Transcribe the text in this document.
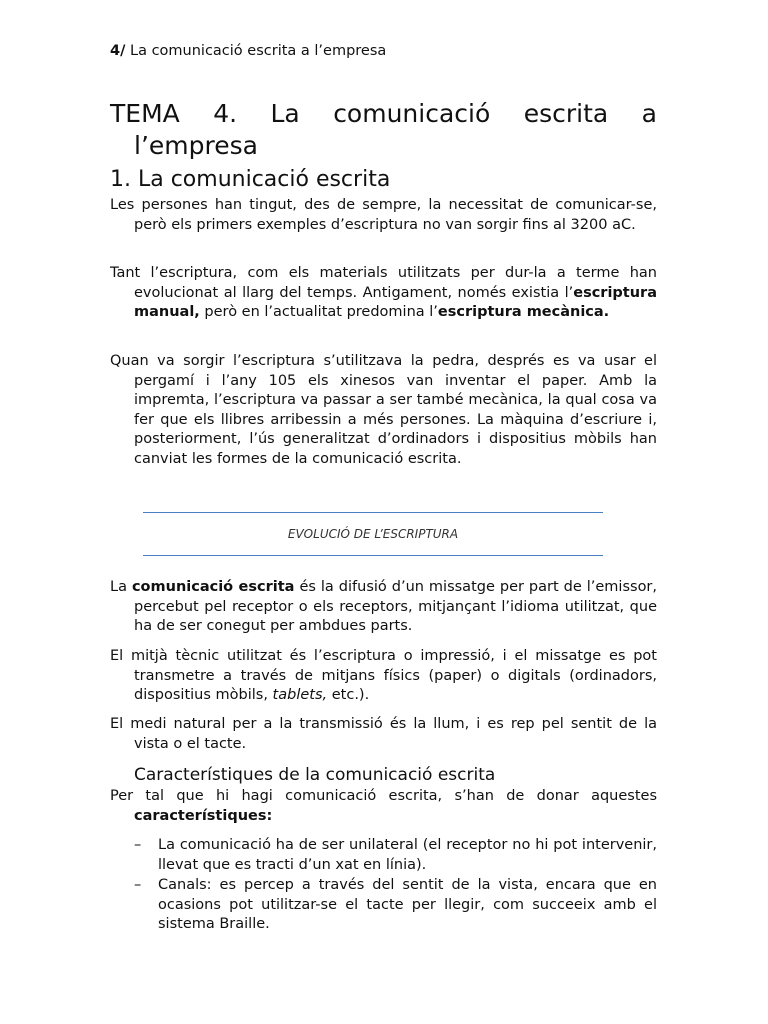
4/ La comunicació escrita a l’empresa
TEMA 4. La comunicació escrita a
l’empresa
1. La comunicació escrita

Les persones han tingut, des de sempre, la necessitat de comunicar-se, però els primers exemples d’escriptura no van sorgir fins al 3200 aC.

Tant l’escriptura, com els materials utilitzats per dur-la a terme han evolucionat al llarg del temps. Antigament, només existia l’escriptura manual, però en l’actualitat predomina l’escriptura mecànica.

Quan va sorgir l’escriptura s’utilitzava la pedra, després es va usar el pergamí i l’any 105 els xinesos van inventar el paper. Amb la impremta, l’escriptura va passar a ser també mecànica, la qual cosa va fer que els llibres arribessin a més persones. La màquina d’escriure i, posteriorment, l’ús generalitzat d’ordinadors i dispositius mòbils han canviat les formes de la comunicació escrita.

EVOLUCIÓ DE L’ESCRIPTURA

La comunicació escrita és la difusió d’un missatge per part de l’emissor, percebut pel receptor o els receptors, mitjançant l’idioma utilitzat, que ha de ser conegut per ambdues parts.

El mitjà tècnic utilitzat és l’escriptura o impressió, i el missatge es pot transmetre a través de mitjans físics (paper) o digitals (ordinadors, dispositius mòbils, tablets, etc.).

El medi natural per a la transmissió és la llum, i es rep pel sentit de la vista o el tacte.

Característiques de la comunicació escrita

Per tal que hi hagi comunicació escrita, s’han de donar aquestes característiques:

– La comunicació ha de ser unilateral (el receptor no hi pot intervenir, llevat que es tracti d’un xat en línia).
– Canals: es percep a través del sentit de la vista, encara que en ocasions pot utilitzar-se el tacte per llegir, com succeeix amb el sistema Braille.
